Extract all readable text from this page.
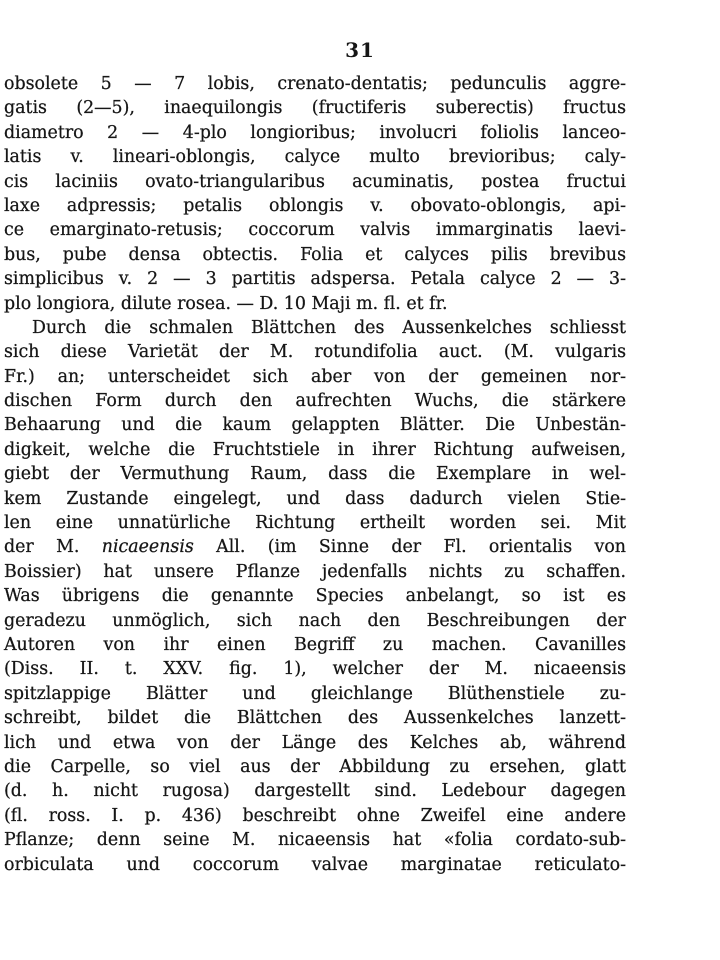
31
obsolete 5 — 7 lobis, crenato-dentatis; pedunculis aggre-
gatis (2—5), inaequilongis (fructiferis suberectis) fructus
diametro 2 — 4-plo longioribus; involucri foliolis lanceo-
latis v. lineari-oblongis, calyce multo brevioribus; caly-
cis laciniis ovato-triangularibus acuminatis, postea fructui
laxe adpressis; petalis oblongis v. obovato-oblongis, api-
ce emarginato-retusis; coccorum valvis immarginatis laevi-
bus, pube densa obtectis. Folia et calyces pilis brevibus
simplicibus v. 2 — 3 partitis adspersa. Petala calyce 2 — 3-
plo longiora, dilute rosea. — D. 10 Maji m. fl. et fr.
Durch die schmalen Blättchen des Aussenkelches schliesst
sich diese Varietät der M. rotundifolia auct. (M. vulgaris
Fr.) an; unterscheidet sich aber von der gemeinen nor-
dischen Form durch den aufrechten Wuchs, die stärkere
Behaarung und die kaum gelappten Blätter. Die Unbestän-
digkeit, welche die Fruchtstiele in ihrer Richtung aufweisen,
giebt der Vermuthung Raum, dass die Exemplare in wel-
kem Zustande eingelegt, und dass dadurch vielen Stie-
len eine unnatürliche Richtung ertheilt worden sei. Mit
der M. nicaeensis All. (im Sinne der Fl. orientalis von
Boissier) hat unsere Pflanze jedenfalls nichts zu schaffen.
Was übrigens die genannte Species anbelangt, so ist es
geradezu unmöglich, sich nach den Beschreibungen der
Autoren von ihr einen Begriff zu machen. Cavanilles
(Diss. II. t. XXV. fig. 1), welcher der M. nicaeensis
spitzlappige Blätter und gleichlange Blüthenstiele zu-
schreibt, bildet die Blättchen des Aussenkelches lanzett-
lich und etwa von der Länge des Kelches ab, während
die Carpelle, so viel aus der Abbildung zu ersehen, glatt
(d. h. nicht rugosa) dargestellt sind. Ledebour dagegen
(fl. ross. I. p. 436) beschreibt ohne Zweifel eine andere
Pflanze; denn seine M. nicaeensis hat «folia cordato-sub-
orbiculata und coccorum valvae marginatae reticulato-
